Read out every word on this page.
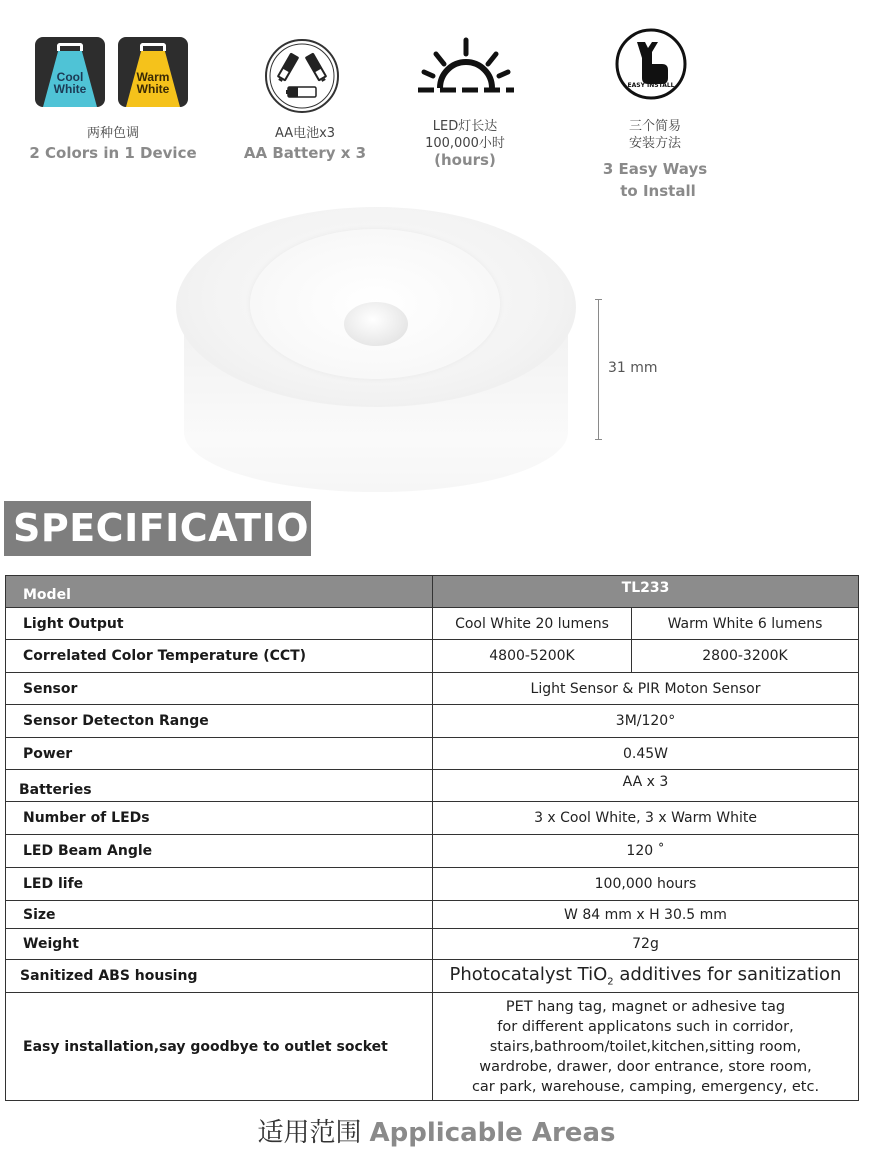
Cool
White
Warm
White
两种色调
2 Colors in 1 Device
AA电池x3
AA Battery x 3
LED灯长达
100,000小时
(hours)
EASY INSTALL
三个简易
安装方法
3 Easy Ways
to Install
31 mm
SPECIFICATION
Model	TL233	
Light Output	Cool White 20 lumens	Warm White 6 lumens
Correlated Color Temperature (CCT)	4800-5200K	2800-3200K
Sensor	Light Sensor & PIR Moton Sensor	
Sensor Detecton Range	3M/120°	
Power	0.45W	
Batteries	AA x 3	
Number of LEDs	3 x Cool White, 3 x Warm White	
LED Beam Angle	120 ˚	
LED life	100,000 hours	
Size	W 84 mm x H 30.5 mm	
Weight	72g	
Sanitized ABS housing	Photocatalyst TiO$_2$ additives for sanitization	
Easy installation,say goodbye to outlet socket	PET hang tag, magnet or adhesive tag
for different applicatons such in corridor,
stairs,bathroom/toilet,kitchen,sitting room,
wardrobe, drawer, door entrance, store room,
car park, warehouse, camping, emergency, etc.	
适用范围 Applicable Areas
